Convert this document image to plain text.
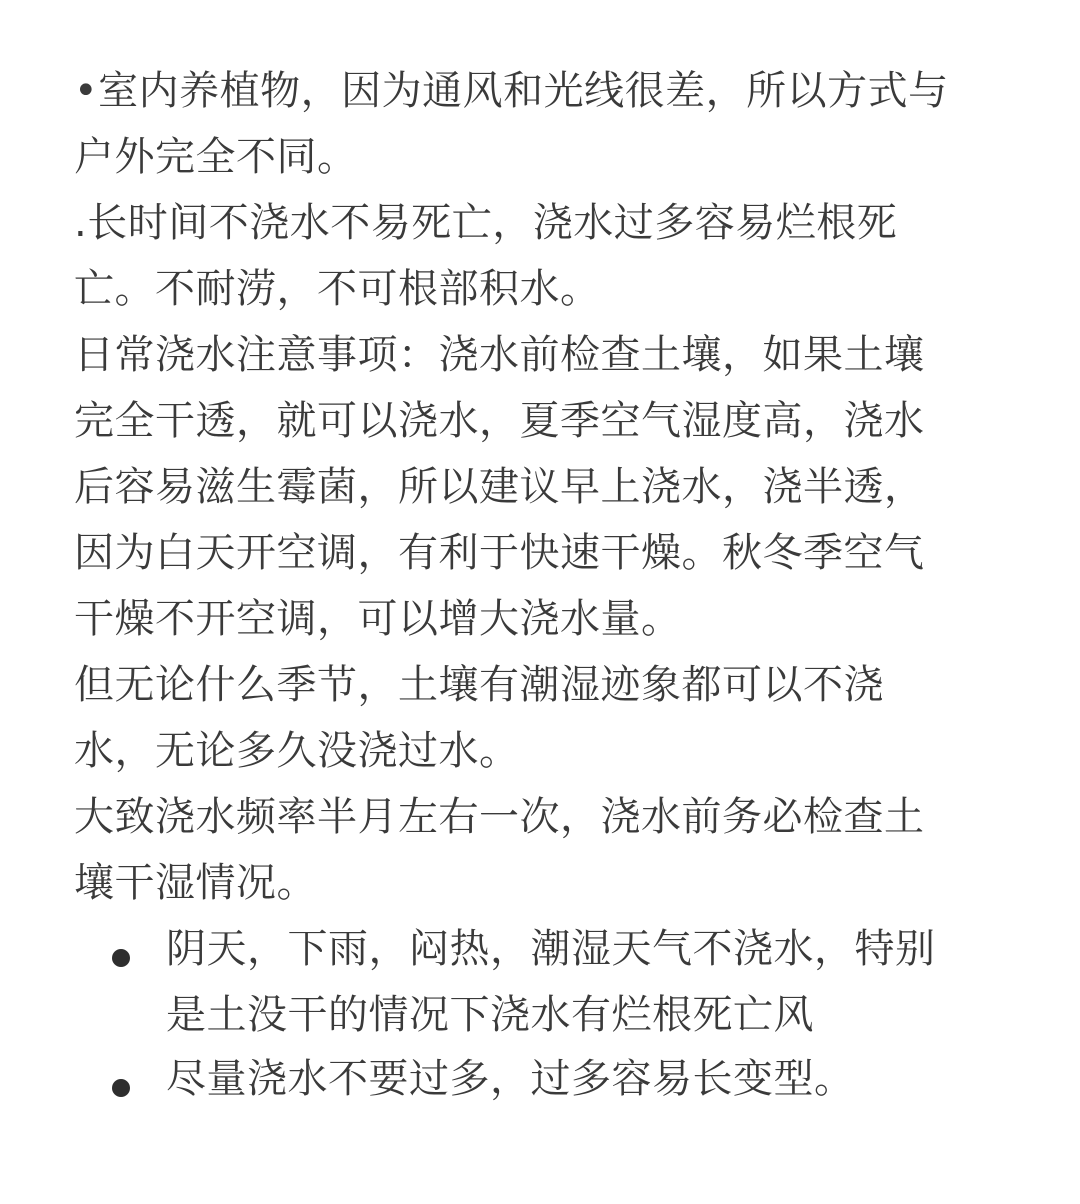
•室内养植物，因为通风和光线很差，所以方式与
户外完全不同。
.长时间不浇水不易死亡，浇水过多容易烂根死
亡。不耐涝，不可根部积水。
日常浇水注意事项：浇水前检查土壤，如果土壤
完全干透，就可以浇水，夏季空气湿度高，浇水
后容易滋生霉菌，所以建议早上浇水，浇半透，
因为白天开空调，有利于快速干燥。秋冬季空气
干燥不开空调，可以增大浇水量。
但无论什么季节，土壤有潮湿迹象都可以不浇
水，无论多久没浇过水。
大致浇水频率半月左右一次，浇水前务必检查土
壤干湿情况。
阴天，下雨，闷热，潮湿天气不浇水，特别
是土没干的情况下浇水有烂根死亡风
尽量浇水不要过多，过多容易长变型。
